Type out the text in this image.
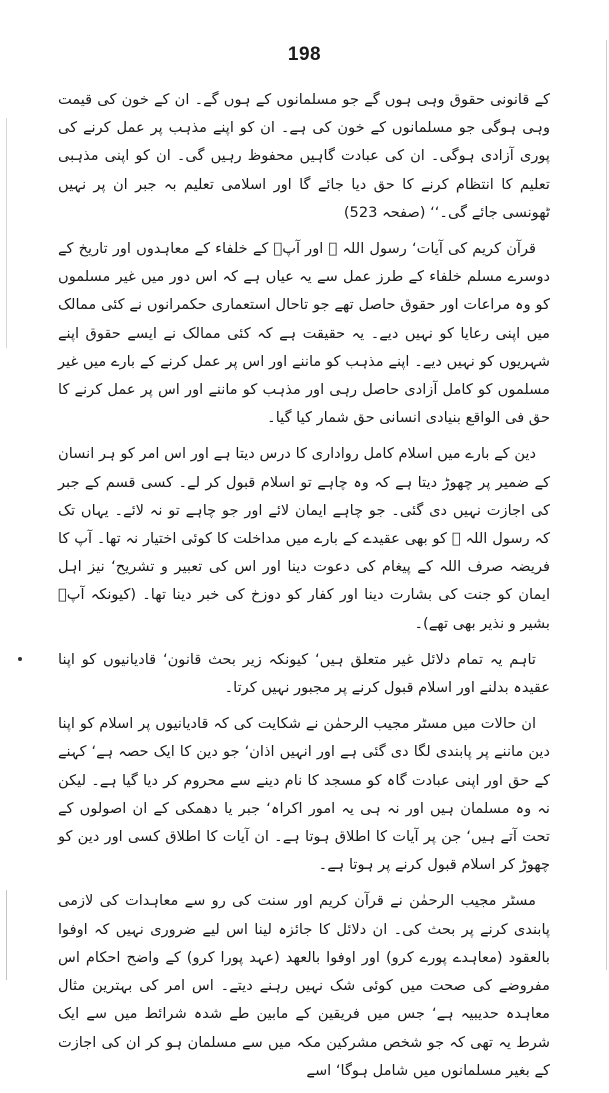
198

کے قانونی حقوق وہی ہوں گے جو مسلمانوں کے ہوں گے۔ ان کے خون کی قیمت وہی ہوگی جو مسلمانوں کے خون کی ہے۔ ان کو اپنے مذہب پر عمل کرنے کی پوری آزادی ہوگی۔ ان کی عبادت گاہیں محفوظ رہیں گی۔ ان کو اپنی مذہبی تعلیم کا انتظام کرنے کا حق دیا جائے گا اور اسلامی تعلیم بہ جبر ان پر نہیں ٹھونسی جائے گی۔‘‘ (صفحہ 523)

قرآن کریم کی آیات‘ رسول اللہ ﷺ اور آپؐ کے خلفاء کے معاہدوں اور تاریخ کے دوسرے مسلم خلفاء کے طرز عمل سے یہ عیاں ہے کہ اس دور میں غیر مسلموں کو وہ مراعات اور حقوق حاصل تھے جو تاحال استعماری حکمرانوں نے کئی ممالک میں اپنی رعایا کو نہیں دیے۔ یہ حقیقت ہے کہ کئی ممالک نے ایسے حقوق اپنے شہریوں کو نہیں دیے۔ اپنے مذہب کو ماننے اور اس پر عمل کرنے کے بارے میں غیر مسلموں کو کامل آزادی حاصل رہی اور مذہب کو ماننے اور اس پر عمل کرنے کا حق فی الواقع بنیادی انسانی حق شمار کیا گیا۔

دین کے بارے میں اسلام کامل رواداری کا درس دیتا ہے اور اس امر کو ہر انسان کے ضمیر پر چھوڑ دیتا ہے کہ وہ چاہے تو اسلام قبول کر لے۔ کسی قسم کے جبر کی اجازت نہیں دی گئی۔ جو چاہے ایمان لائے اور جو چاہے تو نہ لائے۔ یہاں تک کہ رسول اللہ ﷺ کو بھی عقیدے کے بارے میں مداخلت کا کوئی اختیار نہ تھا۔ آپ کا فریضہ صرف اللہ کے پیغام کی دعوت دینا اور اس کی تعبیر و تشریح‘ نیز اہل ایمان کو جنت کی بشارت دینا اور کفار کو دوزخ کی خبر دینا تھا۔ (کیونکہ آپؐ بشیر و نذیر بھی تھے)۔

تاہم یہ تمام دلائل غیر متعلق ہیں‘ کیونکہ زیر بحث قانون‘ قادیانیوں کو اپنا عقیدہ بدلنے اور اسلام قبول کرنے پر مجبور نہیں کرتا۔

ان حالات میں مسٹر مجیب الرحمٰن نے شکایت کی کہ قادیانیوں پر اسلام کو اپنا دین ماننے پر پابندی لگا دی گئی ہے اور انہیں اذان‘ جو دین کا ایک حصہ ہے‘ کہنے کے حق اور اپنی عبادت گاہ کو مسجد کا نام دینے سے محروم کر دیا گیا ہے۔ لیکن نہ وہ مسلمان ہیں اور نہ ہی یہ امور اکراہ‘ جبر یا دھمکی کے ان اصولوں کے تحت آتے ہیں‘ جن پر آیات کا اطلاق ہوتا ہے۔ ان آیات کا اطلاق کسی اور دین کو چھوڑ کر اسلام قبول کرنے پر ہوتا ہے۔

مسٹر مجیب الرحمٰن نے قرآن کریم اور سنت کی رو سے معاہدات کی لازمی پابندی کرنے پر بحث کی۔ ان دلائل کا جائزہ لینا اس لیے ضروری نہیں کہ اوفوا بالعقود (معاہدے پورے کرو) اور اوفوا بالعھد (عہد پورا کرو) کے واضح احکام اس مفروضے کی صحت میں کوئی شک نہیں رہنے دیتے۔ اس امر کی بہترین مثال معاہدہ حدیبیہ ہے‘ جس میں فریقین کے مابین طے شدہ شرائط میں سے ایک شرط یہ تھی کہ جو شخص مشرکین مکہ میں سے مسلمان ہو کر ان کی اجازت کے بغیر مسلمانوں میں شامل ہوگا‘ اسے
